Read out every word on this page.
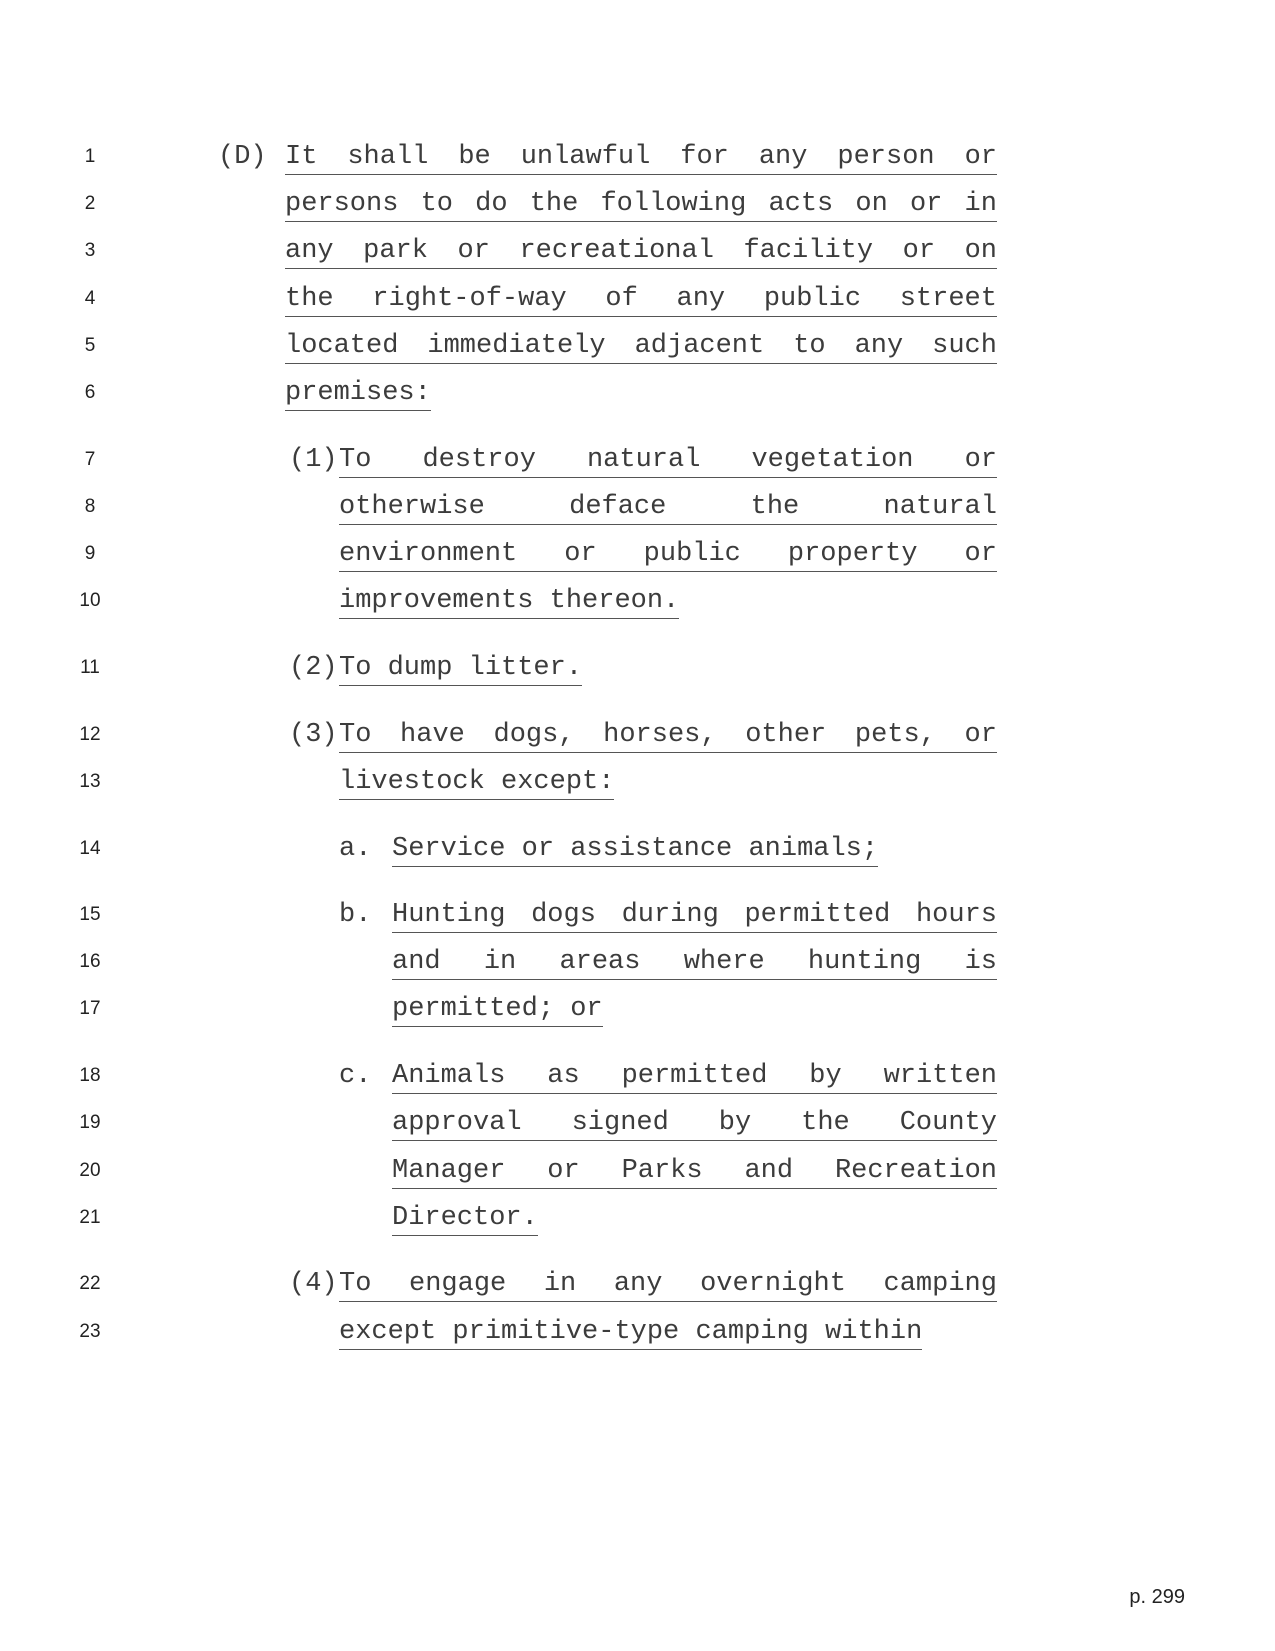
1
2
3
4
5
6
7
8
9
10
11
12
13
14
15
16
17
18
19
20
21
22
23
(D) It shall be unlawful for any person or
persons to do the following acts on or in
any park or recreational facility or on
the right-of-way of any public street
located immediately adjacent to any such
premises:
(1) To destroy natural vegetation or
otherwise	deface	the	natural
environment or public property or
improvements thereon.
(2) To dump litter.
(3) To have dogs, horses, other pets, or
livestock except:
a. Service or assistance animals;
b. Hunting dogs during permitted hours
and in areas where hunting is
permitted; or
c. Animals as permitted by written
approval signed by the County
Manager or Parks and Recreation
Director.
(4) To engage in any overnight camping
except primitive-type camping within
p. 299
